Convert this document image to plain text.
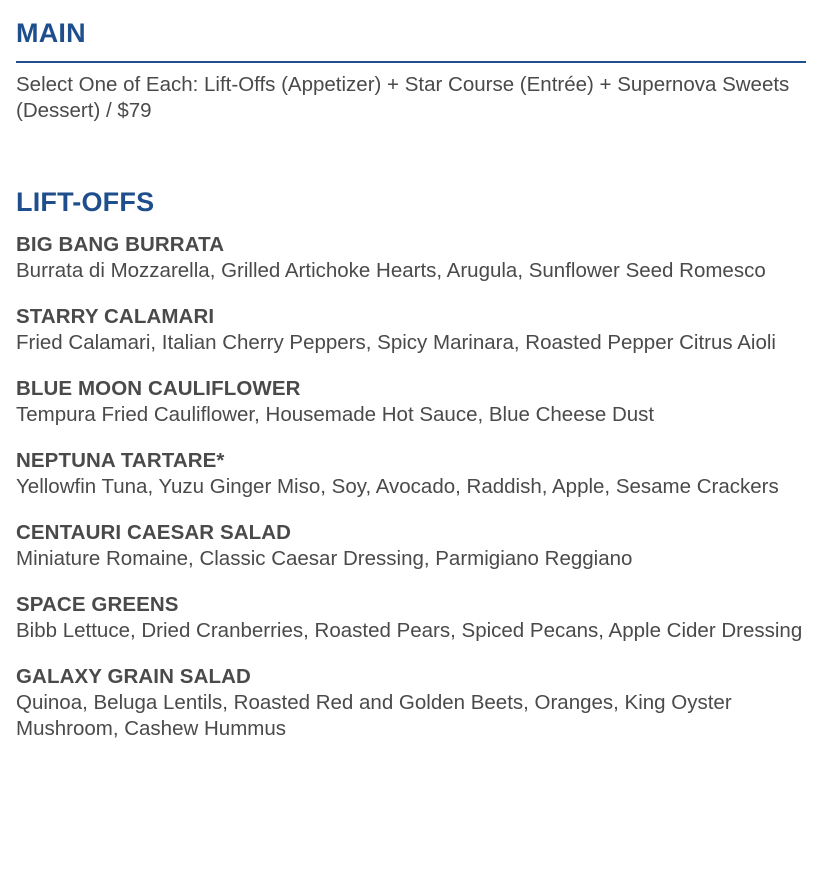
MAIN

Select One of Each: Lift-Offs (Appetizer) + Star Course (Entrée) + Supernova Sweets (Dessert) / $79

LIFT-OFFS
BIG BANG BURRATA
Burrata di Mozzarella, Grilled Artichoke Hearts, Arugula, Sunflower Seed Romesco
STARRY CALAMARI
Fried Calamari, Italian Cherry Peppers, Spicy Marinara, Roasted Pepper Citrus Aioli
BLUE MOON CAULIFLOWER
Tempura Fried Cauliflower, Housemade Hot Sauce, Blue Cheese Dust
NEPTUNA TARTARE*
Yellowfin Tuna, Yuzu Ginger Miso, Soy, Avocado, Raddish, Apple, Sesame Crackers
CENTAURI CAESAR SALAD
Miniature Romaine, Classic Caesar Dressing, Parmigiano Reggiano
SPACE GREENS
Bibb Lettuce, Dried Cranberries, Roasted Pears, Spiced Pecans, Apple Cider Dressing
GALAXY GRAIN SALAD
Quinoa, Beluga Lentils, Roasted Red and Golden Beets, Oranges, King Oyster Mushroom, Cashew Hummus
